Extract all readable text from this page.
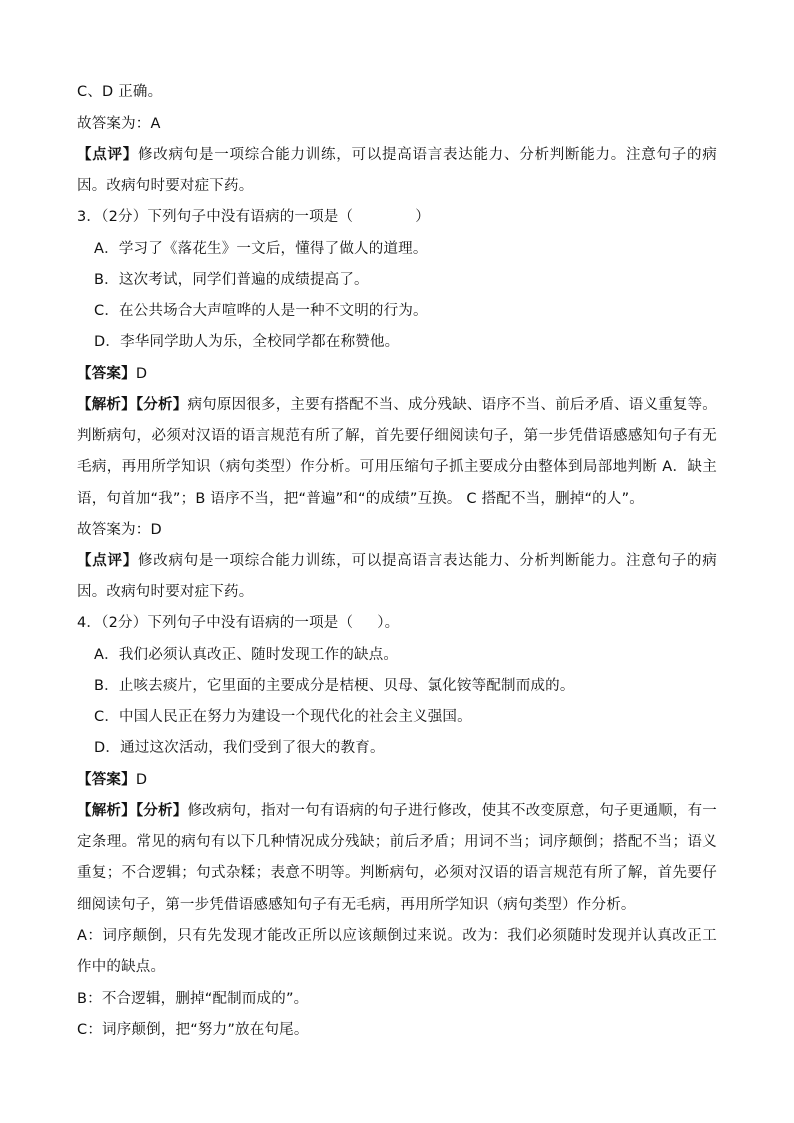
C、D 正确。
故答案为：A
【点评】修改病句是一项综合能力训练，可以提高语言表达能力、分析判断能力。注意句子的病
因。改病句时要对症下药。
3．（2分）下列句子中没有语病的一项是（	）
A．学习了《落花生》一文后，懂得了做人的道理。
B．这次考试，同学们普遍的成绩提高了。
C．在公共场合大声喧哗的人是一种不文明的行为。
D．李华同学助人为乐，全校同学都在称赞他。
【答案】D
【解析】【分析】病句原因很多，主要有搭配不当、成分残缺、语序不当、前后矛盾、语义重复等。
判断病句，必须对汉语的语言规范有所了解，首先要仔细阅读句子，第一步凭借语感感知句子有无
毛病，再用所学知识（病句类型）作分析。可用压缩句子抓主要成分由整体到局部地判断 A．缺主
语，句首加“我”；B 语序不当，把“普遍”和“的成绩”互换。 C 搭配不当，删掉“的人”。
故答案为：D
【点评】修改病句是一项综合能力训练，可以提高语言表达能力、分析判断能力。注意句子的病
因。改病句时要对症下药。
4．（2分）下列句子中没有语病的一项是（ ）。
A．我们必须认真改正、随时发现工作的缺点。
B．止咳去痰片，它里面的主要成分是桔梗、贝母、氯化铵等配制而成的。
C．中国人民正在努力为建设一个现代化的社会主义强国。
D．通过这次活动，我们受到了很大的教育。
【答案】D
【解析】【分析】修改病句，指对一句有语病的句子进行修改，使其不改变原意，句子更通顺，有一
定条理。常见的病句有以下几种情况成分残缺；前后矛盾；用词不当；词序颠倒；搭配不当；语义
重复；不合逻辑；句式杂糅；表意不明等。判断病句，必须对汉语的语言规范有所了解，首先要仔
细阅读句子，第一步凭借语感感知句子有无毛病，再用所学知识（病句类型）作分析。
A：词序颠倒，只有先发现才能改正所以应该颠倒过来说。改为：我们必须随时发现并认真改正工
作中的缺点。
B：不合逻辑，删掉“配制而成的”。
C：词序颠倒，把“努力”放在句尾。
